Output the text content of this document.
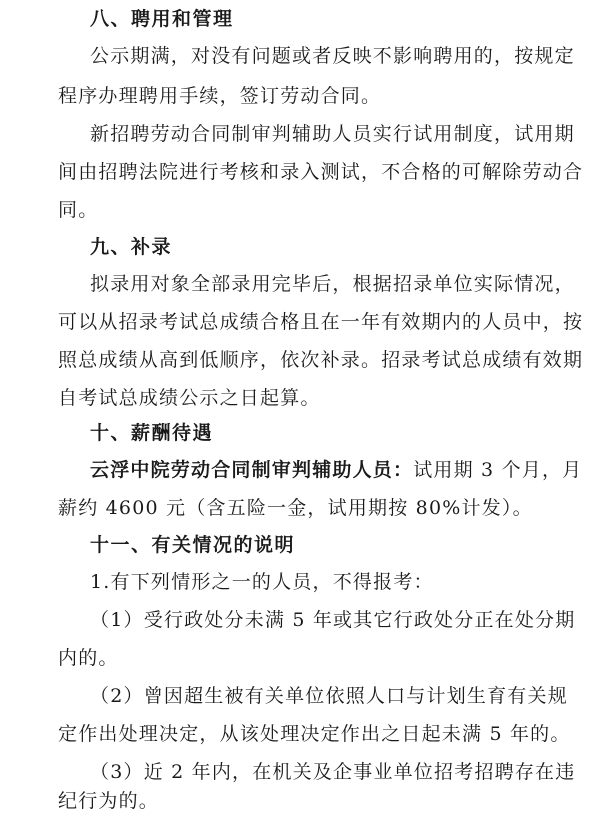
八、聘用和管理
公示期满，对没有问题或者反映不影响聘用的，按规定
程序办理聘用手续，签订劳动合同。
新招聘劳动合同制审判辅助人员实行试用制度，试用期
间由招聘法院进行考核和录入测试，不合格的可解除劳动合
同。
九、补录
拟录用对象全部录用完毕后，根据招录单位实际情况，
可以从招录考试总成绩合格且在一年有效期内的人员中，按
照总成绩从高到低顺序，依次补录。招录考试总成绩有效期
自考试总成绩公示之日起算。
十、薪酬待遇
云浮中院劳动合同制审判辅助人员：试用期 3 个月，月
薪约 4600 元（含五险一金，试用期按 80%计发）。
十一、有关情况的说明
1.有下列情形之一的人员，不得报考：
（1）受行政处分未满 5 年或其它行政处分正在处分期
内的。
（2）曾因超生被有关单位依照人口与计划生育有关规
定作出处理决定，从该处理决定作出之日起未满 5 年的。
（3）近 2 年内，在机关及企事业单位招考招聘存在违
纪行为的。
